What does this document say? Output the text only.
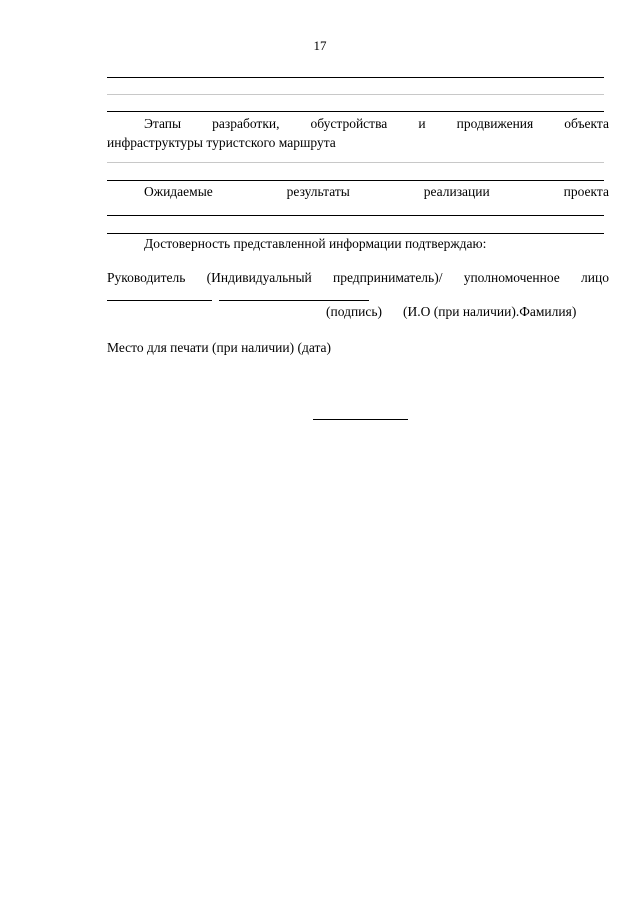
17
Этапы разработки, обустройства и продвижения объекта
инфраструктуры туристского маршрута
Ожидаемые	результаты	реализации	проекта
Достоверность представленной информации подтверждаю:
Руководитель (Индивидуальный предприниматель)/ уполномоченное лицо
(подпись) (И.О (при наличии).Фамилия)
Место для печати (при наличии) (дата)
